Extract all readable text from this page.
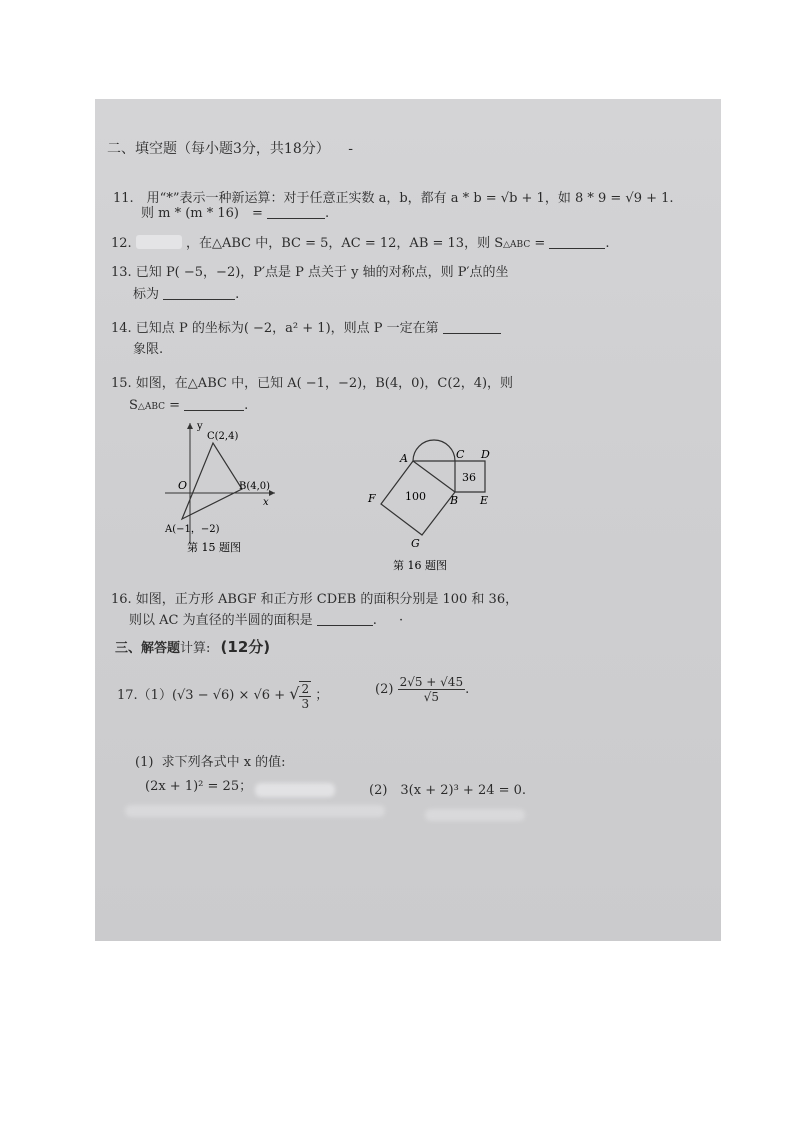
二、填空题（每小题3分，共18分） -
11.　用“*”表示一种新运算：对于任意正实数 a，b，都有 a * b = √b + 1，如 8 * 9 = √9 + 1.
则 m * (m * 16)　=	.
12.	，在△ABC 中，BC = 5，AC = 12，AB = 13，则 S△ABC =	.
13. 已知 P( −5，−2)，P′点是 P 点关于 y 轴的对称点，则 P′点的坐
标为	.
14. 已知点 P 的坐标为( −2，a² + 1)，则点 P 一定在第
象限.
15. 如图，在△ABC 中，已知 A( −1，−2)，B(4，0)，C(2，4)，则
S△ABC =	.
y
x
O
C(2,4)
B(4,0)
A(−1，−2)
第 15 题图
A	C D
B E
F
G
36
100
第 16 题图
16. 如图，正方形 ABGF 和正方形 CDEB 的面积分别是 100 和 36，
则以 AC 为直径的半圆的面积是	. ·
三、解答题计算: (12分)
17.（1）(√3 − √6) × √6 + √ $\frac{2}{3}$ ；	$(2) \frac{2√5 + √45}{√5}$ .
(1) 求下列各式中 x 的值:
(2x + 1)² = 25；	(2)　3(x + 2)³ + 24 = 0.
